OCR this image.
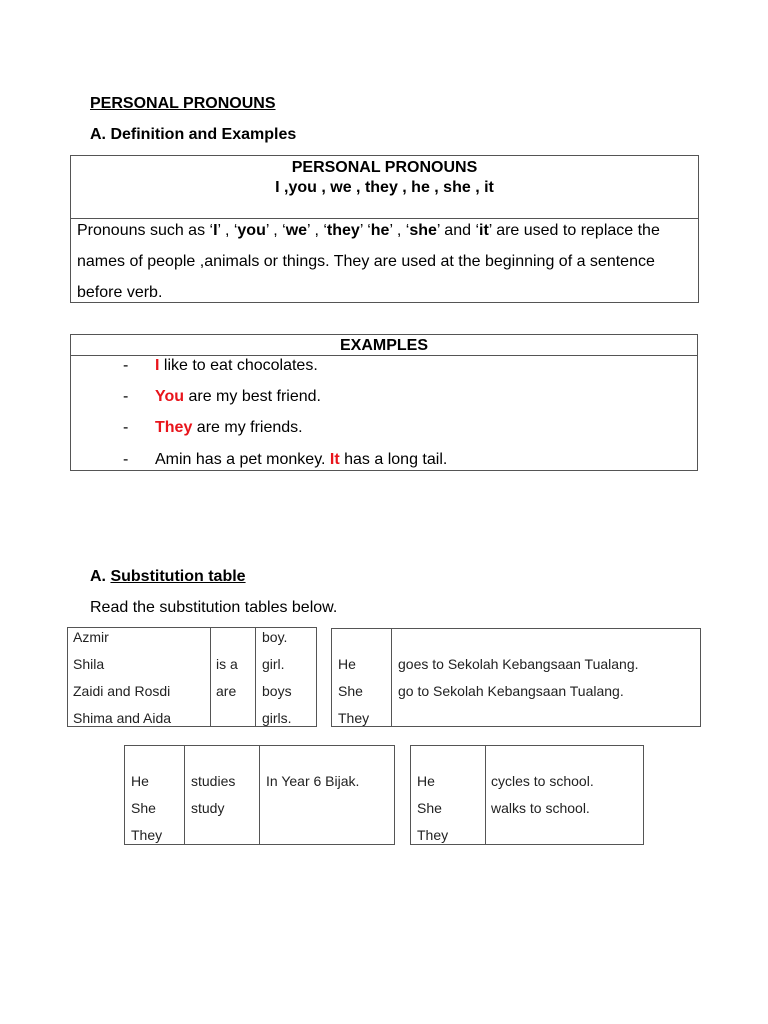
PERSONAL PRONOUNS
A. Definition and Examples
PERSONAL PRONOUNS
I ,you , we , they , he , she , it
Pronouns such as ‘I’ , ‘you’ , ‘we’ , ‘they’ ‘he’ , ‘she’ and ‘it’ are used to replace the names of people ,animals or things. They are used at the beginning of a sentence before verb.
EXAMPLES
- I like to eat chocolates.
- You are my best friend.
- They are my friends.
- Amin has a pet monkey. It has a long tail.
A. Substitution table
Read the substitution tables below.
Azmir
Shila
Zaidi and Rosdi
Shima and Aida
is a
are
boy.
girl.
boys
girls.
He
She
They
goes to Sekolah Kebangsaan Tualang.
go to Sekolah Kebangsaan Tualang.
He
She
They
studies
study
In Year 6 Bijak.	He
She
They
cycles to school.
walks to school.
